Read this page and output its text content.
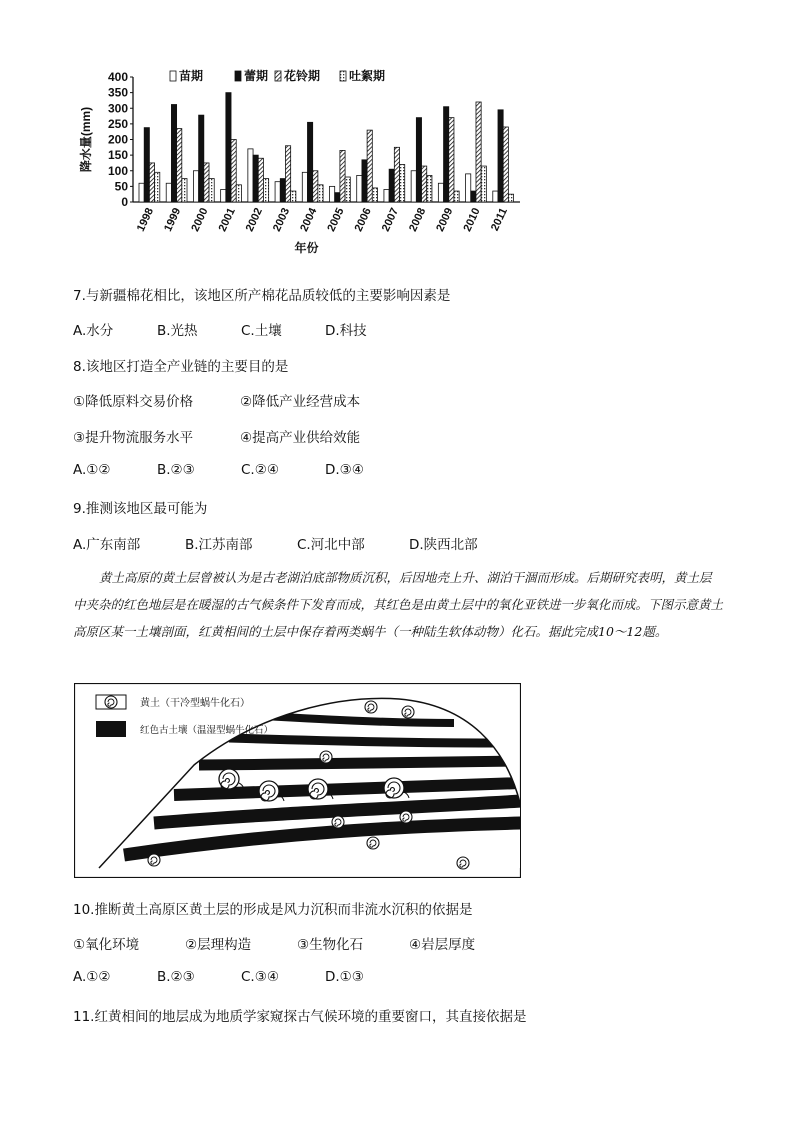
0
50
100
150
200
250
300
350
400
降水量(mm)
1998 1999 2000 2001 2002 2003 2004 2005 2006 2007 2008 2009 2010 2011
年份
苗期	蕾期 花铃期 吐絮期
7.与新疆棉花相比，该地区所产棉花品质较低的主要影响因素是
A.水分	B.光热	C.土壤	D.科技
8.该地区打造全产业链的主要目的是
①降低原料交易价格	②降低产业经营成本
③提升物流服务水平	④提高产业供给效能
A.①②	B.②③	C.②④	D.③④
9.推测该地区最可能为
A.广东南部	B.江苏南部	C.河北中部	D.陕西北部
黄土高原的黄土层曾被认为是古老湖泊底部物质沉积，后因地壳上升、湖泊干涸而形成。后期研究表明，黄土层中夹杂的红色地层是在暖湿的古气候条件下发育而成，其红色是由黄土层中的氧化亚铁进一步氧化而成。下图示意黄土高原区某一土壤剖面，红黄相间的土层中保存着两类蜗牛（一种陆生软体动物）化石。据此完成10～12题。
黄土（干冷型蜗牛化石）
红色古土壤（温湿型蜗牛化石）
10.推断黄土高原区黄土层的形成是风力沉积而非流水沉积的依据是
①氧化环境	②层理构造	③生物化石	④岩层厚度
A.①②	B.②③	C.③④	D.①③
11.红黄相间的地层成为地质学家窥探古气候环境的重要窗口，其直接依据是
